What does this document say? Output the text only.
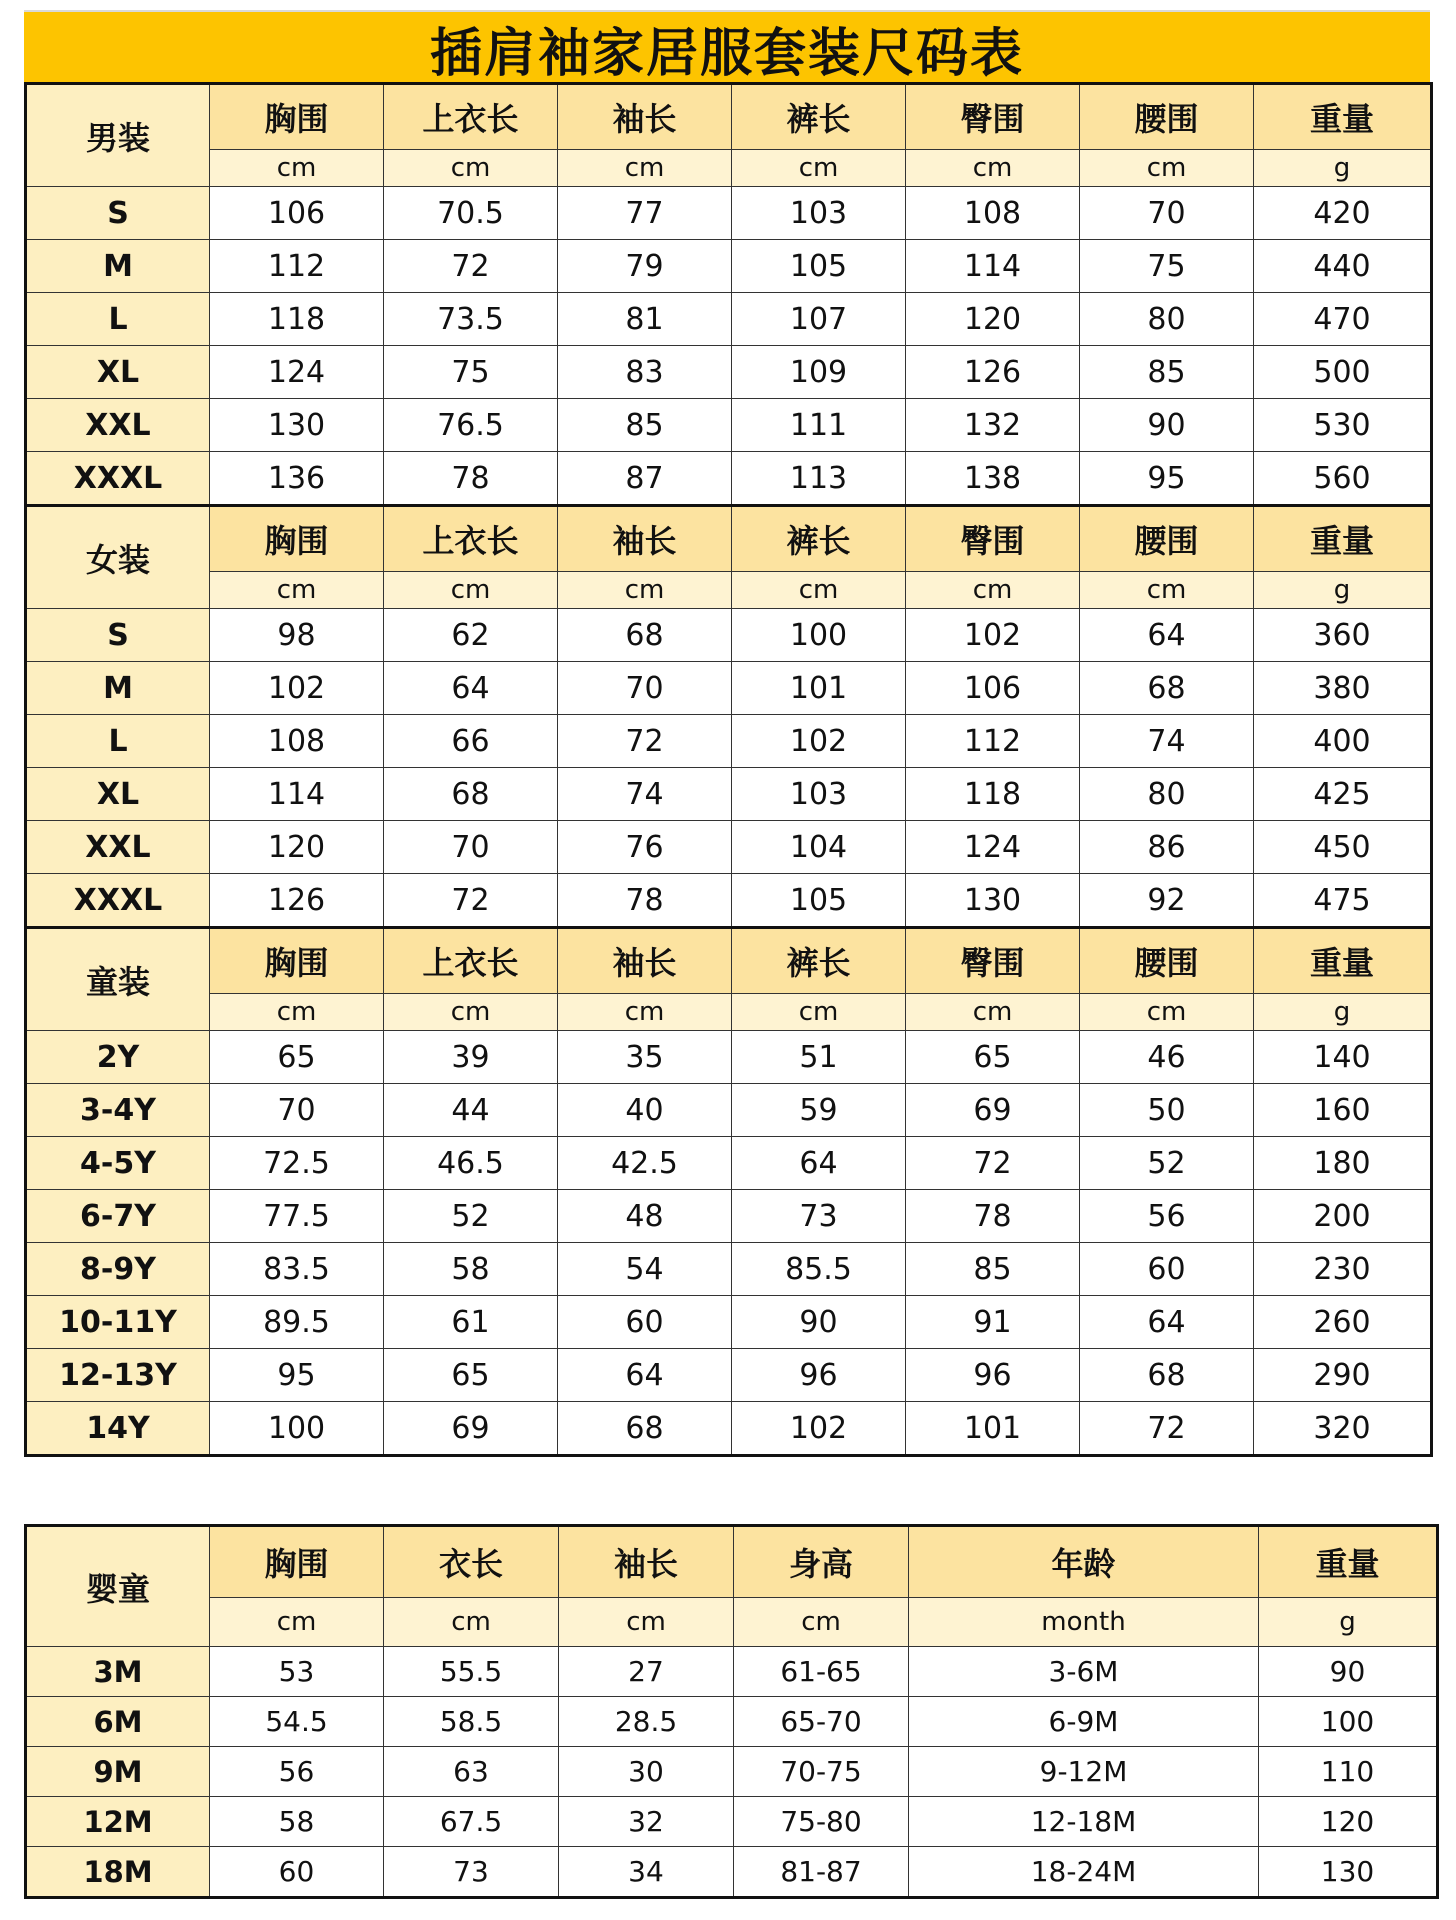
插肩袖家居服套装尺码表
男装	胸围	上衣长	袖长	裤长	臀围	腰围	重量
	cm	cm	cm	cm	cm	cm	g
S	106	70.5	77	103	108	70	420
M	112	72	79	105	114	75	440
L	118	73.5	81	107	120	80	470
XL	124	75	83	109	126	85	500
XXL	130	76.5	85	111	132	90	530
XXXL	136	78	87	113	138	95	560
女装	胸围	上衣长	袖长	裤长	臀围	腰围	重量
	cm	cm	cm	cm	cm	cm	g
S	98	62	68	100	102	64	360
M	102	64	70	101	106	68	380
L	108	66	72	102	112	74	400
XL	114	68	74	103	118	80	425
XXL	120	70	76	104	124	86	450
XXXL	126	72	78	105	130	92	475
童装	胸围	上衣长	袖长	裤长	臀围	腰围	重量
	cm	cm	cm	cm	cm	cm	g
2Y	65	39	35	51	65	46	140
3-4Y	70	44	40	59	69	50	160
4-5Y	72.5	46.5	42.5	64	72	52	180
6-7Y	77.5	52	48	73	78	56	200
8-9Y	83.5	58	54	85.5	85	60	230
10-11Y	89.5	61	60	90	91	64	260
12-13Y	95	65	64	96	96	68	290
14Y	100	69	68	102	101	72	320
婴童	胸围	衣长	袖长	身高	年龄	重量
	cm	cm	cm	cm	month	g
3M	53	55.5	27	61-65	3-6M	90
6M	54.5	58.5	28.5	65-70	6-9M	100
9M	56	63	30	70-75	9-12M	110
12M	58	67.5	32	75-80	12-18M	120
18M	60	73	34	81-87	18-24M	130
